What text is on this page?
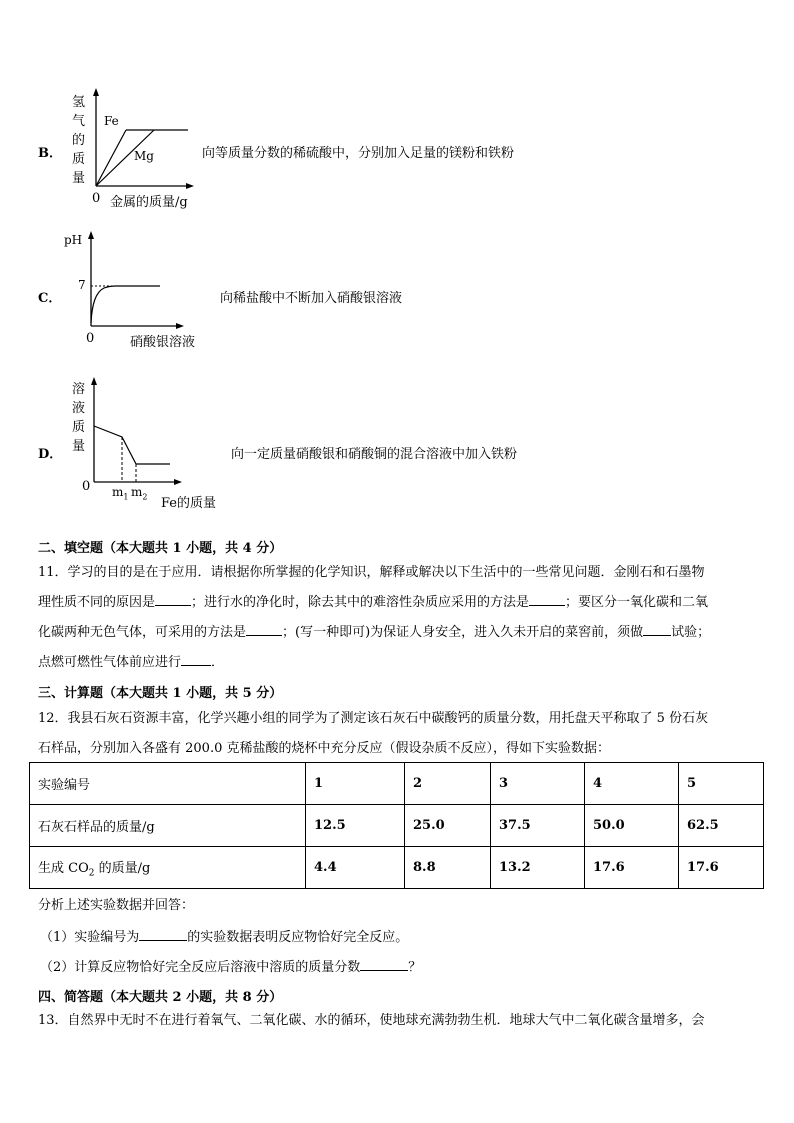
B．
Fe
Mg
氢
气
的
质
量
0 金属的质量/g
向等质量分数的稀硫酸中，分别加入足量的镁粉和铁粉
C．
pH
7
0	硝酸银溶液
向稀盐酸中不断加入硝酸银溶液
D．
溶
液
质
量
0 $m_1$ $m_2$ Fe的质量
向一定质量硝酸银和硝酸铜的混合溶液中加入铁粉
二、填空题（本大题共 1 小题，共 4 分）
11．学习的目的是在于应用．请根据你所掌握的化学知识，解释或解决以下生活中的一些常见问题．金刚石和石墨物
理性质不同的原因是	；进行水的净化时，除去其中的难溶性杂质应采用的方法是	；要区分一氧化碳和二氧
化碳两种无色气体，可采用的方法是	；(写一种即可)为保证人身安全，进入久未开启的菜窖前，须做 试验；
点燃可燃性气体前应进行 ．
三、计算题（本大题共 1 小题，共 5 分）
12．我县石灰石资源丰富，化学兴趣小组的同学为了测定该石灰石中碳酸钙的质量分数，用托盘天平称取了 5 份石灰
石样品，分别加入各盛有 200.0 克稀盐酸的烧杯中充分反应（假设杂质不反应），得如下实验数据：
实验编号	1	2	3	4	5
石灰石样品的质量/g	12.5	25.0	37.5	50.0	62.5
生成 $CO_2$ 的质量/g	4.4	8.8	13.2	17.6	17.6
分析上述实验数据并回答：
（1）实验编号为	的实验数据表明反应物恰好完全反应。
（2）计算反应物恰好完全反应后溶液中溶质的质量分数	？
四、简答题（本大题共 2 小题，共 8 分）
13．自然界中无时不在进行着氧气、二氧化碳、水的循环，使地球充满勃勃生机．地球大气中二氧化碳含量增多，会
